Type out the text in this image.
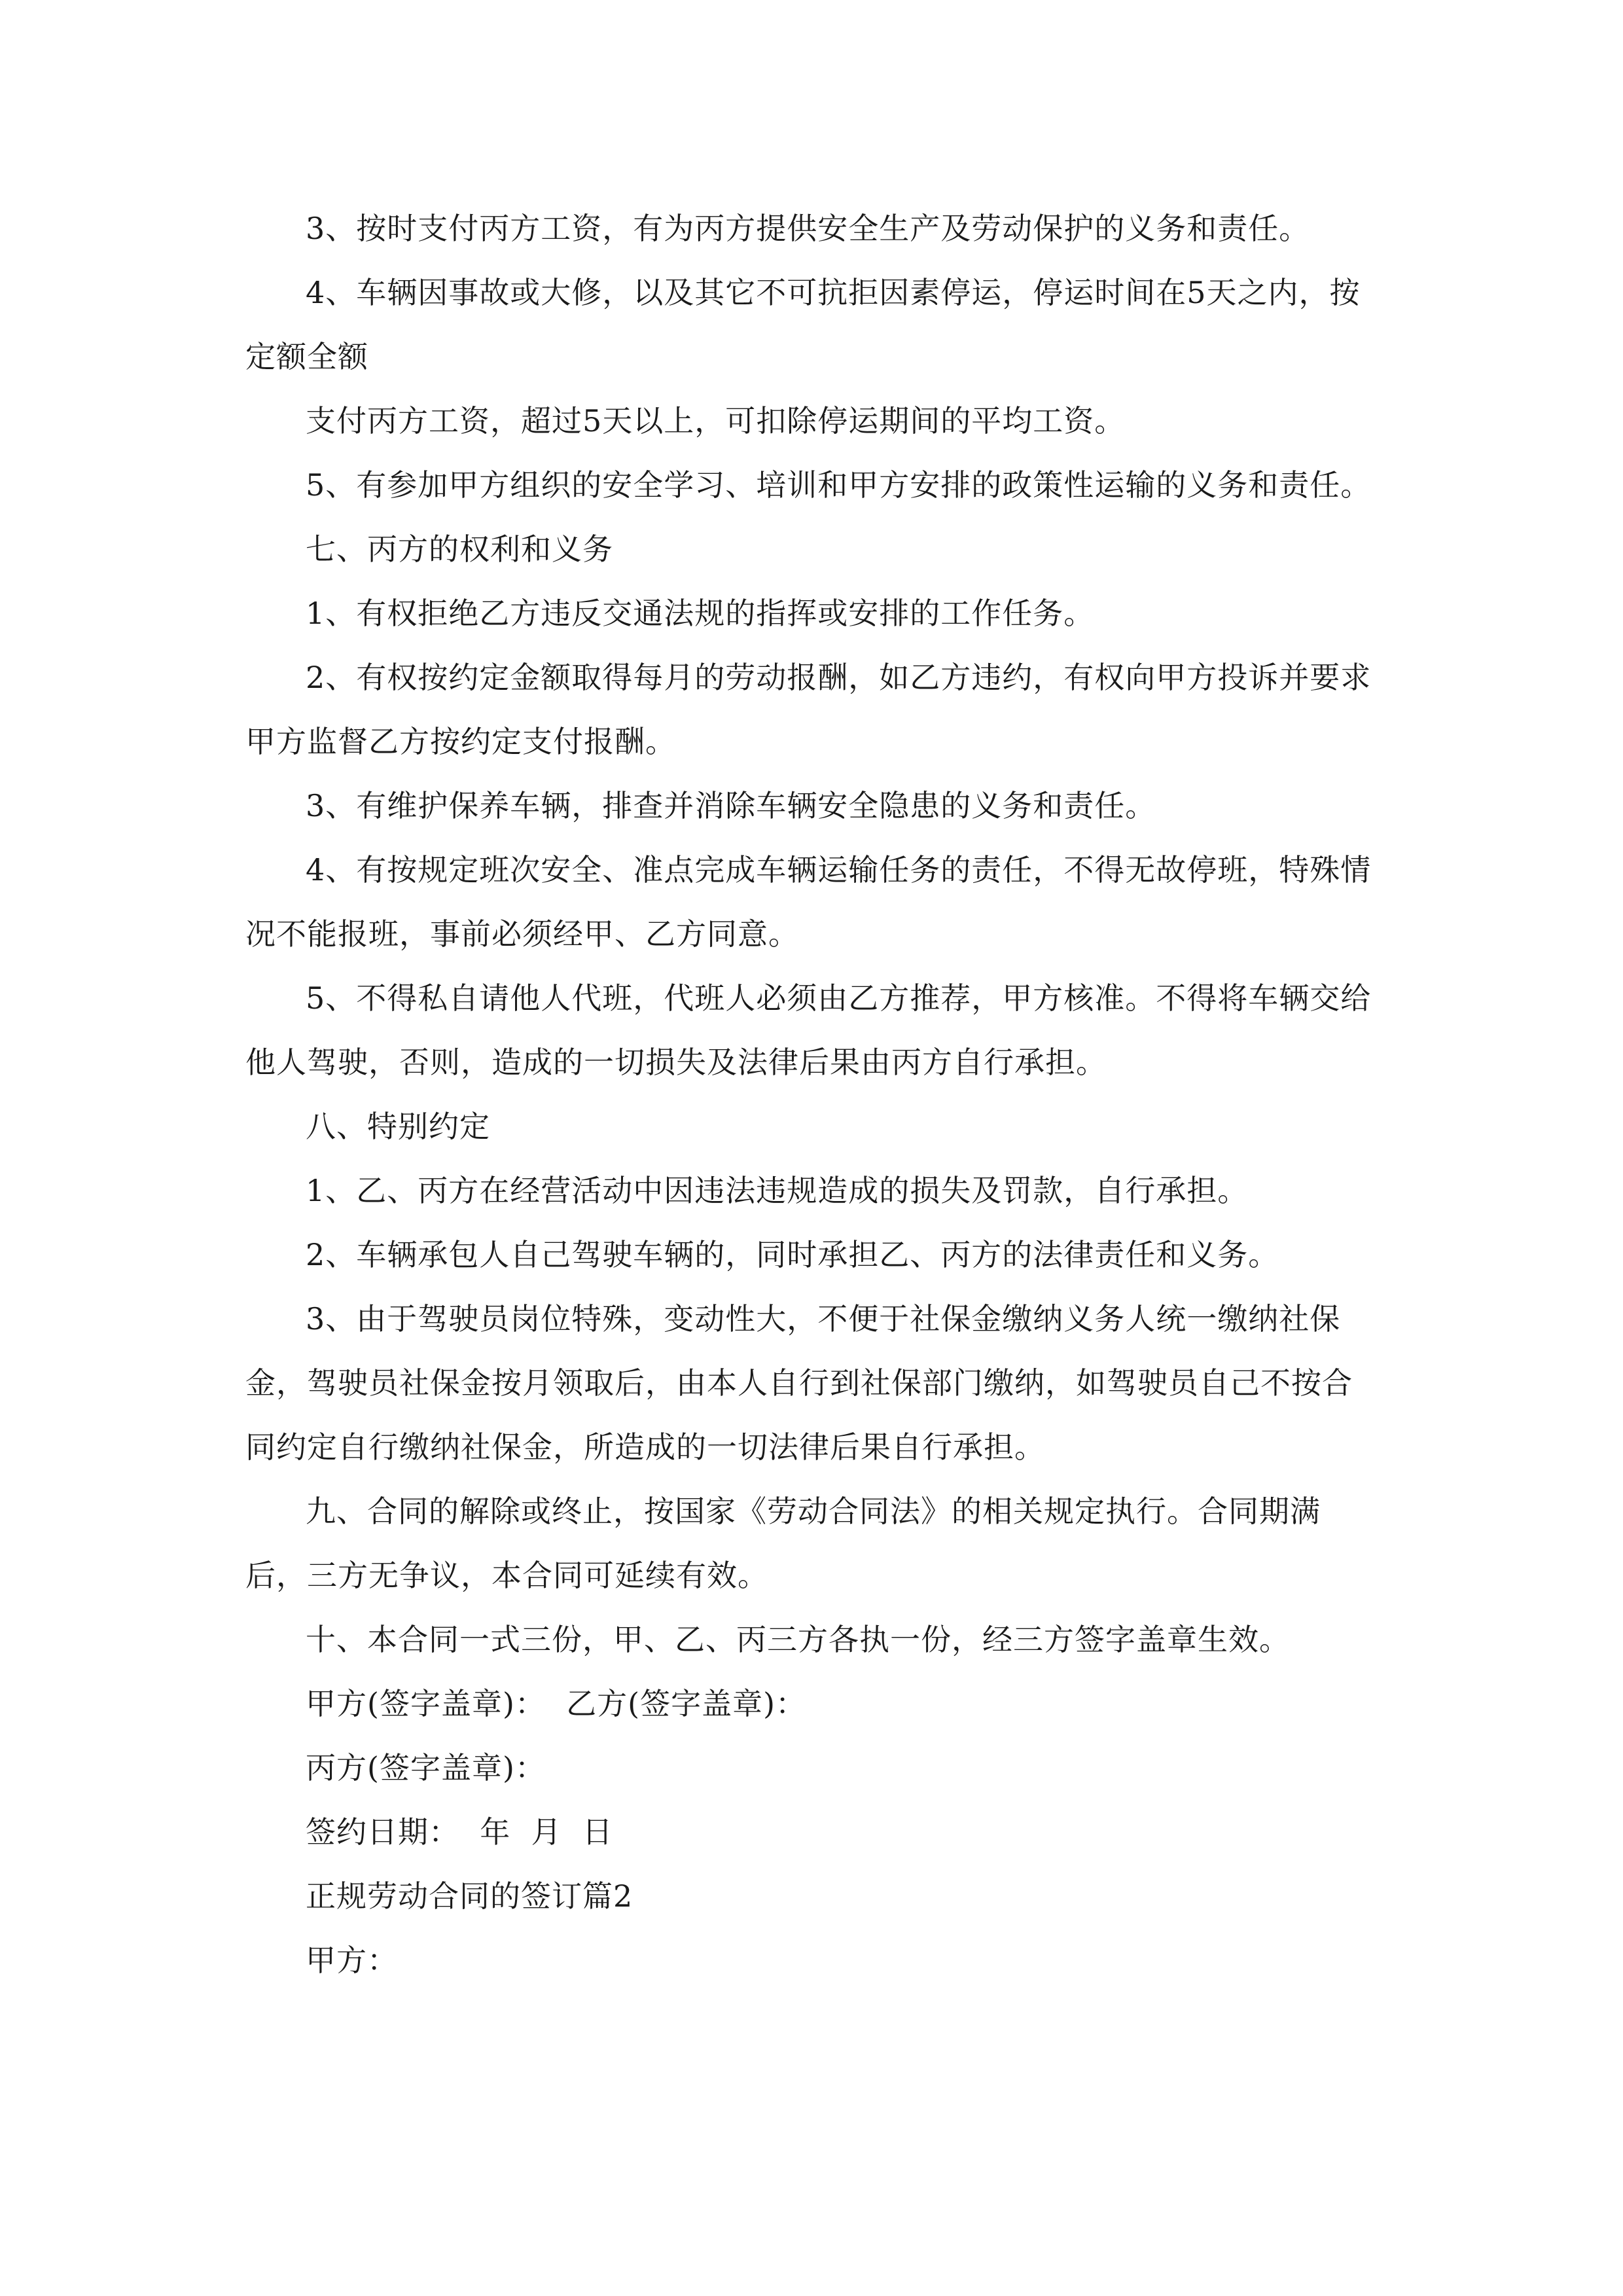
3、按时支付丙方工资，有为丙方提供安全生产及劳动保护的义务和责任。

4、车辆因事故或大修，以及其它不可抗拒因素停运，停运时间在5天之内，按定额全额

支付丙方工资，超过5天以上，可扣除停运期间的平均工资。

5、有参加甲方组织的安全学习、培训和甲方安排的政策性运输的义务和责任。

七、丙方的权利和义务

1、有权拒绝乙方违反交通法规的指挥或安排的工作任务。

2、有权按约定金额取得每月的劳动报酬，如乙方违约，有权向甲方投诉并要求甲方监督乙方按约定支付报酬。

3、有维护保养车辆，排查并消除车辆安全隐患的义务和责任。

4、有按规定班次安全、准点完成车辆运输任务的责任，不得无故停班，特殊情况不能报班，事前必须经甲、乙方同意。

5、不得私自请他人代班，代班人必须由乙方推荐，甲方核准。不得将车辆交给他人驾驶，否则，造成的一切损失及法律后果由丙方自行承担。

八、特别约定

1、乙、丙方在经营活动中因违法违规造成的损失及罚款，自行承担。

2、车辆承包人自己驾驶车辆的，同时承担乙、丙方的法律责任和义务。

3、由于驾驶员岗位特殊，变动性大，不便于社保金缴纳义务人统一缴纳社保金，驾驶员社保金按月领取后，由本人自行到社保部门缴纳，如驾驶员自己不按合同约定自行缴纳社保金，所造成的一切法律后果自行承担。

九、合同的解除或终止，按国家《劳动合同法》的相关规定执行。合同期满后，三方无争议，本合同可延续有效。

十、本合同一式三份，甲、乙、丙三方各执一份，经三方签字盖章生效。

甲方(签字盖章)： 乙方(签字盖章)：

丙方(签字盖章)：

签约日期：  年  月  日

正规劳动合同的签订篇2

甲方：
